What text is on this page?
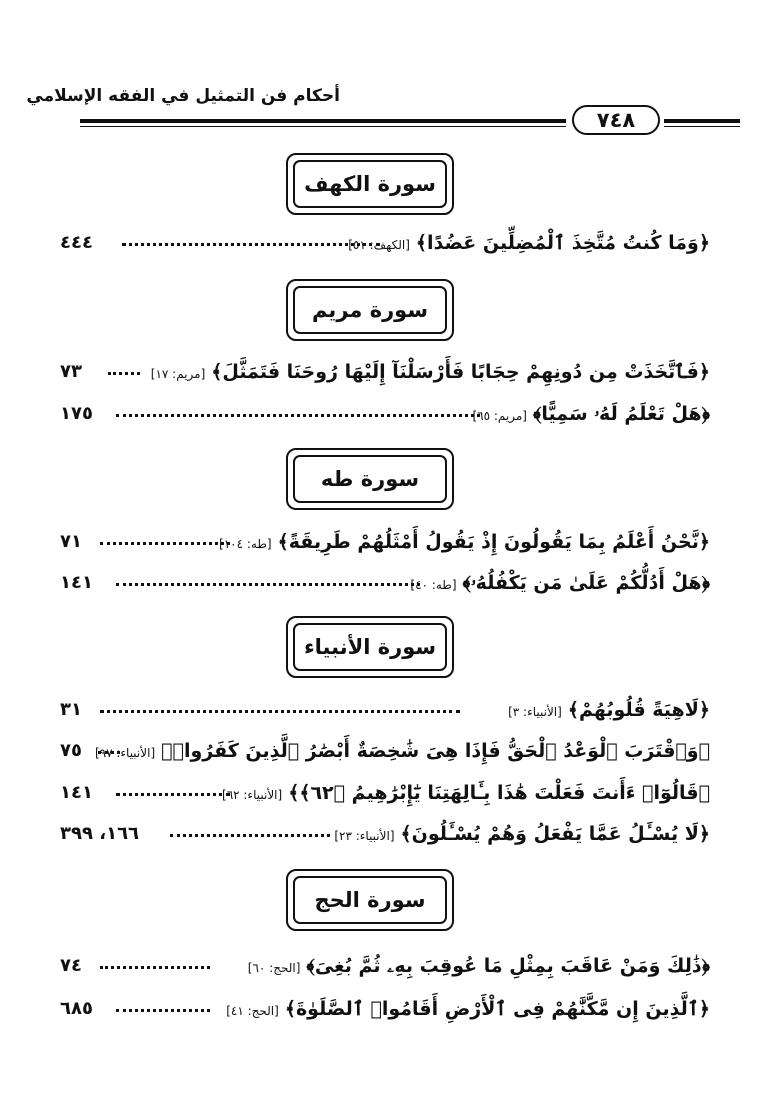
أحكام فن التمثيل في الفقه الإسلامي
٧٤٨
سورة الكهف
﴿وَمَا كُنتُ مُتَّخِذَ ٱلْمُضِلِّينَ عَضُدًا﴾[الكهف: ٥١]
٤٤٤
سورة مريم
﴿فَٱتَّخَذَتْ مِن دُونِهِمْ حِجَابًا فَأَرْسَلْنَآ إِلَيْهَا رُوحَنَا فَتَمَثَّلَ﴾[مريم: ١٧]
٧٣
﴿هَلْ تَعْلَمُ لَهُۥ سَمِيًّا﴾[مريم: ٦٥]
١٧٥
سورة طه
﴿نَّحْنُ أَعْلَمُ بِمَا يَقُولُونَ إِذْ يَقُولُ أَمْثَلُهُمْ طَرِيقَةً﴾[طه: ١٠٤]
٧١
﴿هَلْ أَدُلُّكُمْ عَلَىٰ مَن يَكْفُلُهُۥ﴾[طه: ٤٠]
١٤١
سورة الأنبياء
﴿لَاهِيَةً قُلُوبُهُمْ﴾[الأنبياء: ٣]
٣١
﴿وَٱقْتَرَبَ ٱلْوَعْدُ ٱلْحَقُّ فَإِذَا هِىَ شَٰخِصَةٌ أَبْصَٰرُ ٱلَّذِينَ كَفَرُوا۟﴾[الأنبياء: ٩٧]
٧٥
﴿قَالُوٓا۟ ءَأَنتَ فَعَلْتَ هَٰذَا بِـَٔالِهَتِنَا يَٰٓإِبْرَٰهِيمُ ﴿٦٢﴾﴾[الأنبياء: ٦٢]
١٤١
﴿لَا يُسْـَٔلُ عَمَّا يَفْعَلُ وَهُمْ يُسْـَٔلُونَ﴾[الأنبياء: ٢٣]
١٦٦، ٣٩٩
سورة الحج
﴿ذَٰلِكَ وَمَنْ عَاقَبَ بِمِثْلِ مَا عُوقِبَ بِهِۦ ثُمَّ بُغِىَ﴾[الحج: ٦٠]
٧٤
﴿ٱلَّذِينَ إِن مَّكَّنَّٰهُمْ فِى ٱلْأَرْضِ أَقَامُوا۟ ٱلصَّلَوٰةَ﴾[الحج: ٤١]
٦٨٥
